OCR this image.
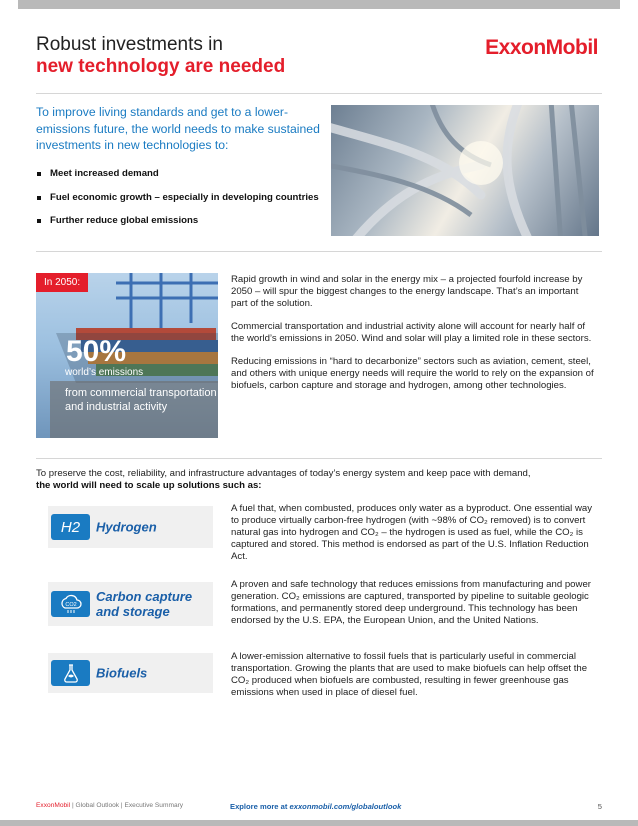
Robust investments in
new technology are needed
ExxonMobil

To improve living standards and get to a lower-emissions future, the world needs to make sustained investments in new technologies to:

Meet increased demand
Fuel economic growth – especially in developing countries
Further reduce global emissions
In 2050:
50%
world’s emissions
from commercial transportation and industrial activity

Rapid growth in wind and solar in the energy mix – a projected fourfold increase by 2050 – will spur the biggest changes to the energy landscape. That’s an important part of the solution.

Commercial transportation and industrial activity alone will account for nearly half of the world’s emissions in 2050. Wind and solar will play a limited role in these sectors.

Reducing emissions in “hard to decarbonize” sectors such as aviation, cement, steel, and others with unique energy needs will require the world to rely on the expansion of biofuels, carbon capture and storage and hydrogen, among other technologies.

To preserve the cost, reliability, and infrastructure advantages of today’s energy system and keep pace with demand,
the world will need to scale up solutions such as:
H2 Hydrogen

A fuel that, when combusted, produces only water as a byproduct. One essential way to produce virtually carbon-free hydrogen (with ~98% of CO₂ removed) is to convert natural gas into hydrogen and CO₂ – the hydrogen is used as fuel, while the CO₂ is captured and stored. This method is endorsed as part of the U.S. Inflation Reduction Act.

CO2
Carbon capture and storage

A proven and safe technology that reduces emissions from manufacturing and power generation. CO₂ emissions are captured, transported by pipeline to suitable geologic formations, and permanently stored deep underground. This technology has been endorsed by the U.S. EPA, the European Union, and the United Nations.

Biofuels

A lower-emission alternative to fossil fuels that is particularly useful in commercial transportation. Growing the plants that are used to make biofuels can help offset the CO₂ produced when biofuels are combusted, resulting in fewer greenhouse gas emissions when used in place of diesel fuel.

ExxonMobil | Global Outlook | Executive Summary	Explore more at exxonmobil.com/globaloutlook	5
